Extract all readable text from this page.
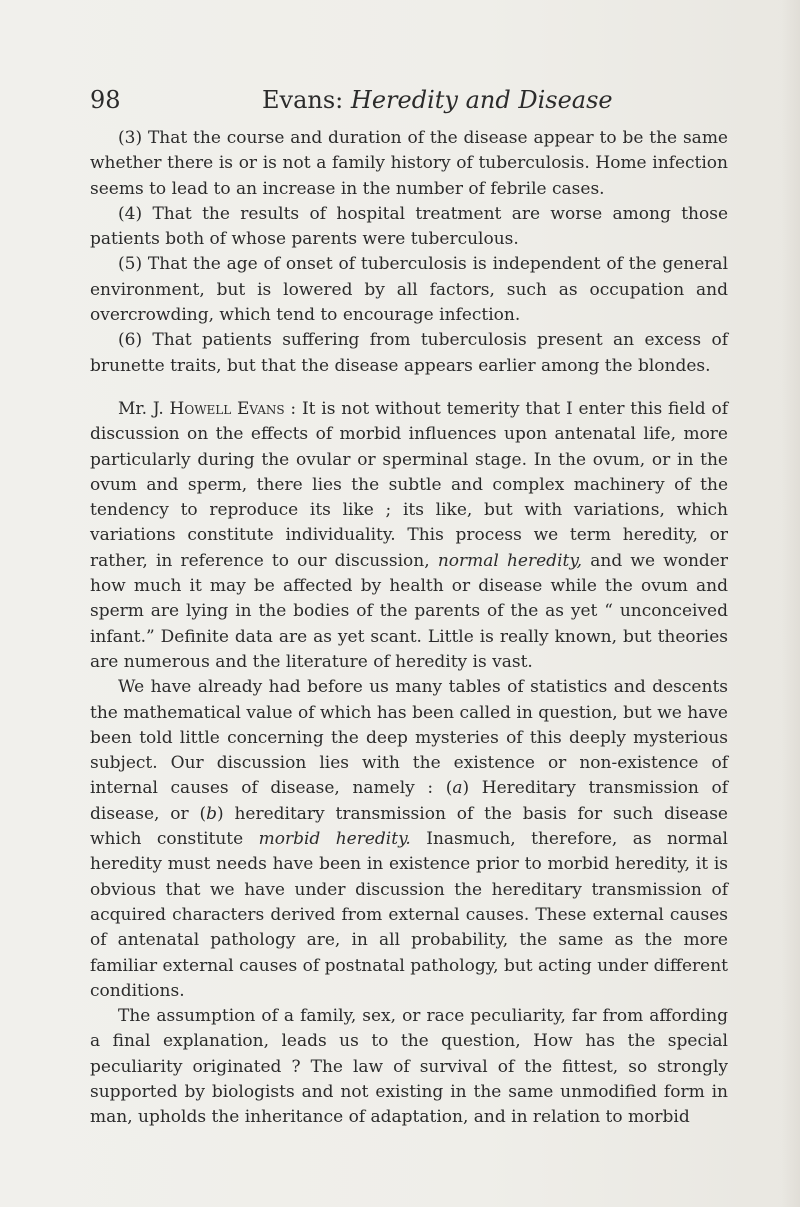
98	Evans: Heredity and Disease

(3) That the course and duration of the disease appear to be the same whether there is or is not a family history of tuberculosis. Home infection seems to lead to an increase in the number of febrile cases.

(4) That the results of hospital treatment are worse among those patients both of whose parents were tuberculous.

(5) That the age of onset of tuberculosis is independent of the general environment, but is lowered by all factors, such as occupation and overcrowding, which tend to encourage infection.

(6) That patients suffering from tuberculosis present an excess of brunette traits, but that the disease appears earlier among the blondes.

Mr. J. Howell Evans : It is not without temerity that I enter this field of discussion on the effects of morbid influences upon antenatal life, more particularly during the ovular or sperminal stage. In the ovum, or in the ovum and sperm, there lies the subtle and complex machinery of the tendency to reproduce its like ; its like, but with variations, which variations constitute individuality. This process we term heredity, or rather, in reference to our discussion, normal heredity, and we wonder how much it may be affected by health or disease while the ovum and sperm are lying in the bodies of the parents of the as yet “ unconceived infant.” Definite data are as yet scant. Little is really known, but theories are numerous and the literature of heredity is vast.

We have already had before us many tables of statistics and descents the mathematical value of which has been called in question, but we have been told little concerning the deep mysteries of this deeply mysterious subject. Our discussion lies with the existence or non-existence of internal causes of disease, namely : (a) Hereditary transmission of disease, or (b) hereditary transmission of the basis for such disease which constitute morbid heredity. Inasmuch, therefore, as normal heredity must needs have been in existence prior to morbid heredity, it is obvious that we have under discussion the hereditary transmission of acquired characters derived from external causes. These external causes of antenatal pathology are, in all probability, the same as the more familiar external causes of postnatal pathology, but acting under different conditions.

The assumption of a family, sex, or race peculiarity, far from affording a final explanation, leads us to the question, How has the special peculiarity originated ? The law of survival of the fittest, so strongly supported by biologists and not existing in the same unmodified form in man, upholds the inheritance of adaptation, and in relation to morbid
